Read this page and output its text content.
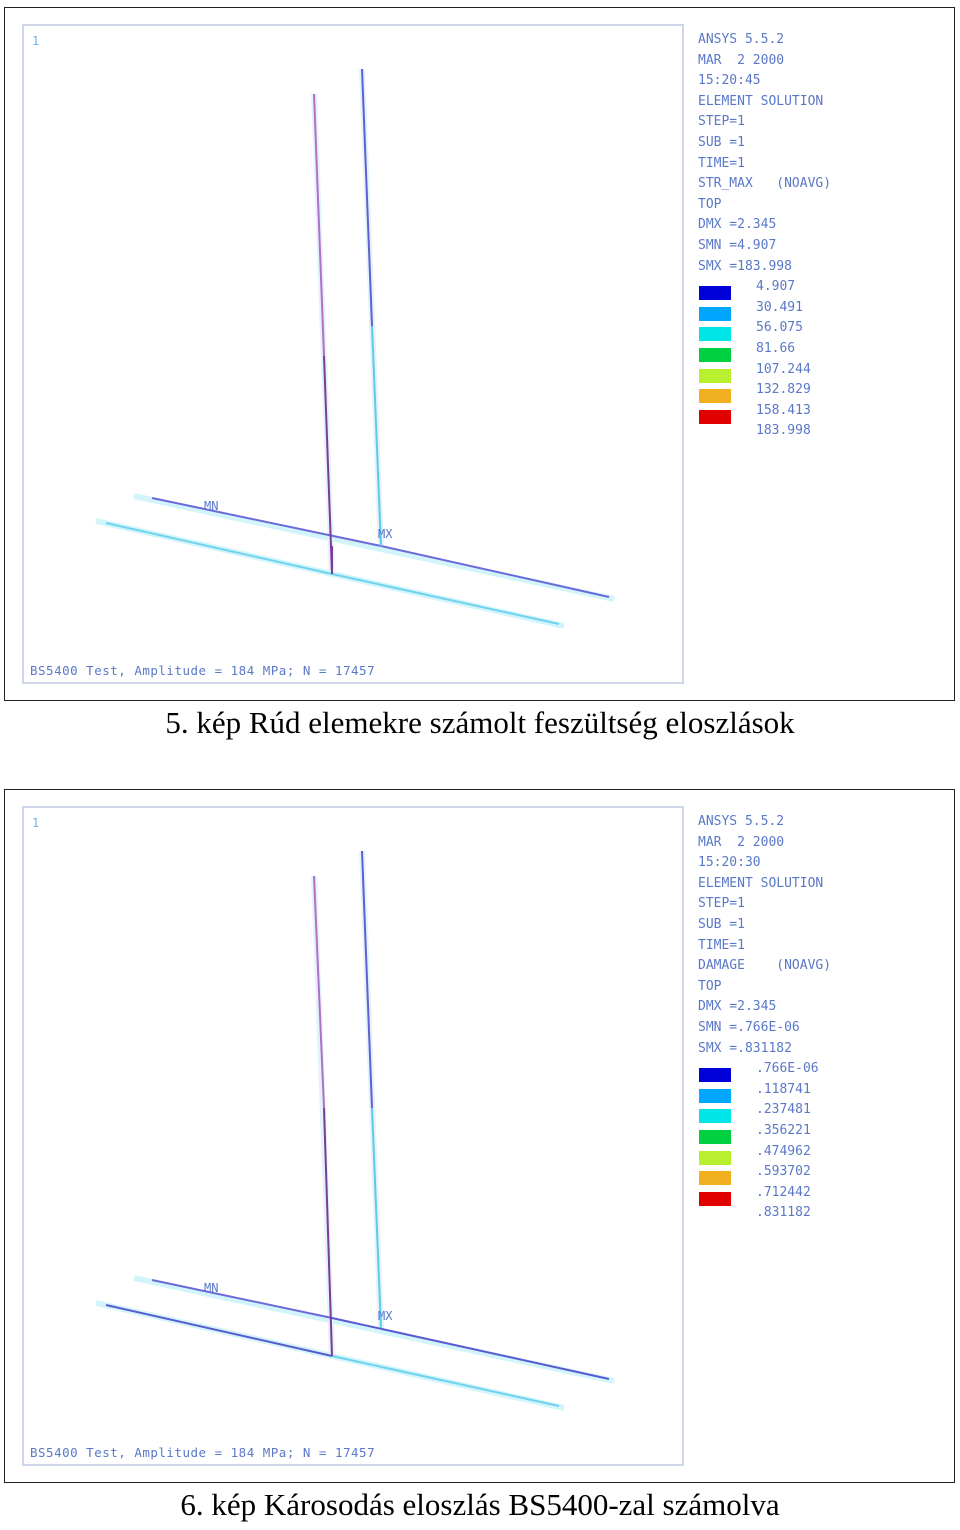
1
MN
MX
BS5400 Test, Amplitude = 184 MPa; N = 17457
ANSYS 5.5.2
MAR  2 2000
15:20:45
ELEMENT SOLUTION
STEP=1
SUB =1
TIME=1
STR_MAX   (NOAVG)
TOP
DMX =2.345
SMN =4.907
SMX =183.998
4.907
30.491
56.075
81.66
107.244
132.829
158.413
183.998
5. kép Rúd elemekre számolt feszültség eloszlások
1
MN
MX
BS5400 Test, Amplitude = 184 MPa; N = 17457
ANSYS 5.5.2
MAR  2 2000
15:20:30
ELEMENT SOLUTION
STEP=1
SUB =1
TIME=1
DAMAGE    (NOAVG)
TOP
DMX =2.345
SMN =.766E-06
SMX =.831182
.766E-06
.118741
.237481
.356221
.474962
.593702
.712442
.831182
6. kép Károsodás eloszlás BS5400-zal számolva
